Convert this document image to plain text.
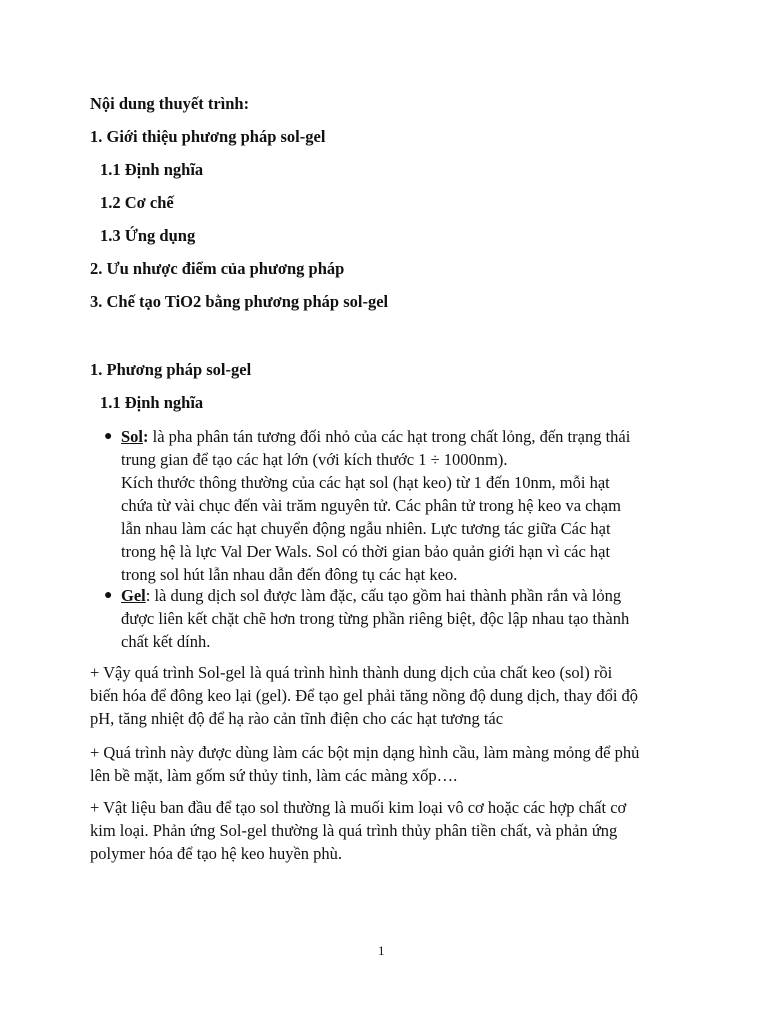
Nội dung thuyết trình:
1. Giới thiệu phương pháp sol-gel
1.1 Định nghĩa
1.2 Cơ chế
1.3 Ứng dụng
2. Ưu nhược điểm của phương pháp
3. Chế tạo TiO2 bằng phương pháp sol-gel
1. Phương pháp sol-gel
1.1 Định nghĩa
● Sol: là pha phân tán tương đối nhỏ của các hạt trong chất lỏng, đến trạng thái
trung gian để tạo các hạt lớn (với kích thước 1 ÷ 1000nm).
Kích thước thông thường của các hạt sol (hạt keo) từ 1 đến 10nm, mỗi hạt
chứa từ vài chục đến vài trăm nguyên tử. Các phân tử trong hệ keo va chạm
lẫn nhau làm các hạt chuyển động ngẫu nhiên. Lực tương tác giữa Các hạt
trong hệ là lực Val Der Wals. Sol có thời gian bảo quản giới hạn vì các hạt
trong sol hút lẫn nhau dẫn đến đông tụ các hạt keo.
● Gel: là dung dịch sol được làm đặc, cấu tạo gồm hai thành phần rắn và lỏng
được liên kết chặt chẽ hơn trong từng phần riêng biệt, độc lập nhau tạo thành
chất kết dính.
+ Vậy quá trình Sol-gel là quá trình hình thành dung dịch của chất keo (sol) rồi
biến hóa để đông keo lại (gel). Để tạo gel phải tăng nồng độ dung dịch, thay đổi độ
pH, tăng nhiệt độ để hạ rào cản tĩnh điện cho các hạt tương tác
+ Quá trình này được dùng làm các bột mịn dạng hình cầu, làm màng mỏng để phủ
lên bề mặt, làm gốm sứ thủy tinh, làm các màng xốp….
+ Vật liệu ban đầu để tạo sol thường là muối kim loại vô cơ hoặc các hợp chất cơ
kim loại. Phản ứng Sol-gel thường là quá trình thủy phân tiền chất, và phản ứng
polymer hóa để tạo hệ keo huyền phù.
1
